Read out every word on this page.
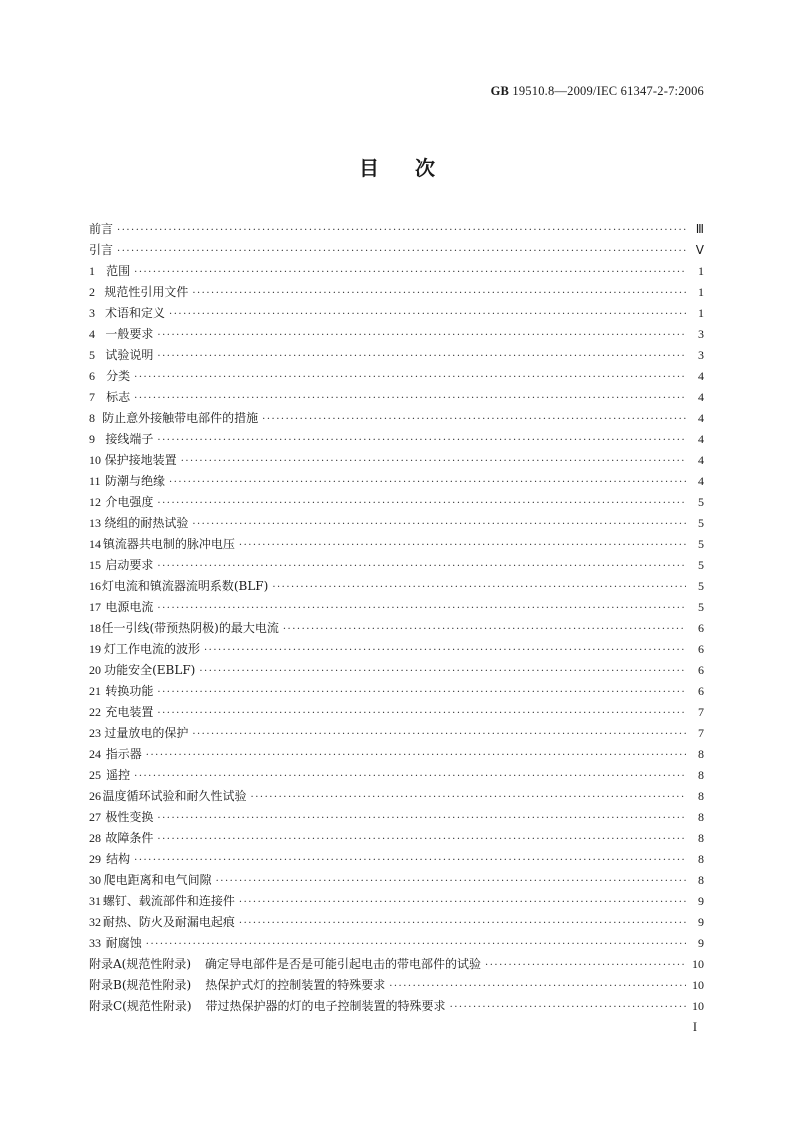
GB 19510.8—2009/IEC 61347-2-7:2006
目次
前言 ·····	Ⅲ
引言 ·····	Ⅴ
1 范围 ·····	1
2 规范性引用文件 ·····	1
3 术语和定义 ·····	1
4 一般要求 ·····	3
5 试验说明 ·····	3
6 分类 ·····	4
7 标志 ·····	4
8 防止意外接触带电部件的措施 ·····	4
9 接线端子 ·····	4
10 保护接地装置 ·····	4
11 防潮与绝缘 ·····	4
12 介电强度 ·····	5
13 绕组的耐热试验 ·····	5
14 镇流器共电制的脉冲电压 ·····	5
15 启动要求 ·····	5
16 灯电流和镇流器流明系数(BLF) ·····	5
17 电源电流 ·····	5
18 任一引线(带预热阴极)的最大电流 ·····	6
19 灯工作电流的波形 ·····	6
20 功能安全(EBLF) ·····	6
21 转换功能 ·····	6
22 充电装置 ·····	7
23 过量放电的保护 ·····	7
24 指示器 ·····	8
25 遥控 ·····	8
26 温度循环试验和耐久性试验 ·····	8
27 极性变换 ·····	8
28 故障条件 ·····	8
29 结构 ·····	8
30 爬电距离和电气间隙 ·····	8
31 螺钉、载流部件和连接件 ·····	9
32 耐热、防火及耐漏电起痕 ·····	9
33 耐腐蚀 ·····	9
附录A(规范性附录) 确定导电部件是否是可能引起电击的带电部件的试验 ·····	10
附录B(规范性附录) 热保护式灯的控制装置的特殊要求 ·····	10
附录C(规范性附录) 带过热保护器的灯的电子控制装置的特殊要求 ·····	10
I
